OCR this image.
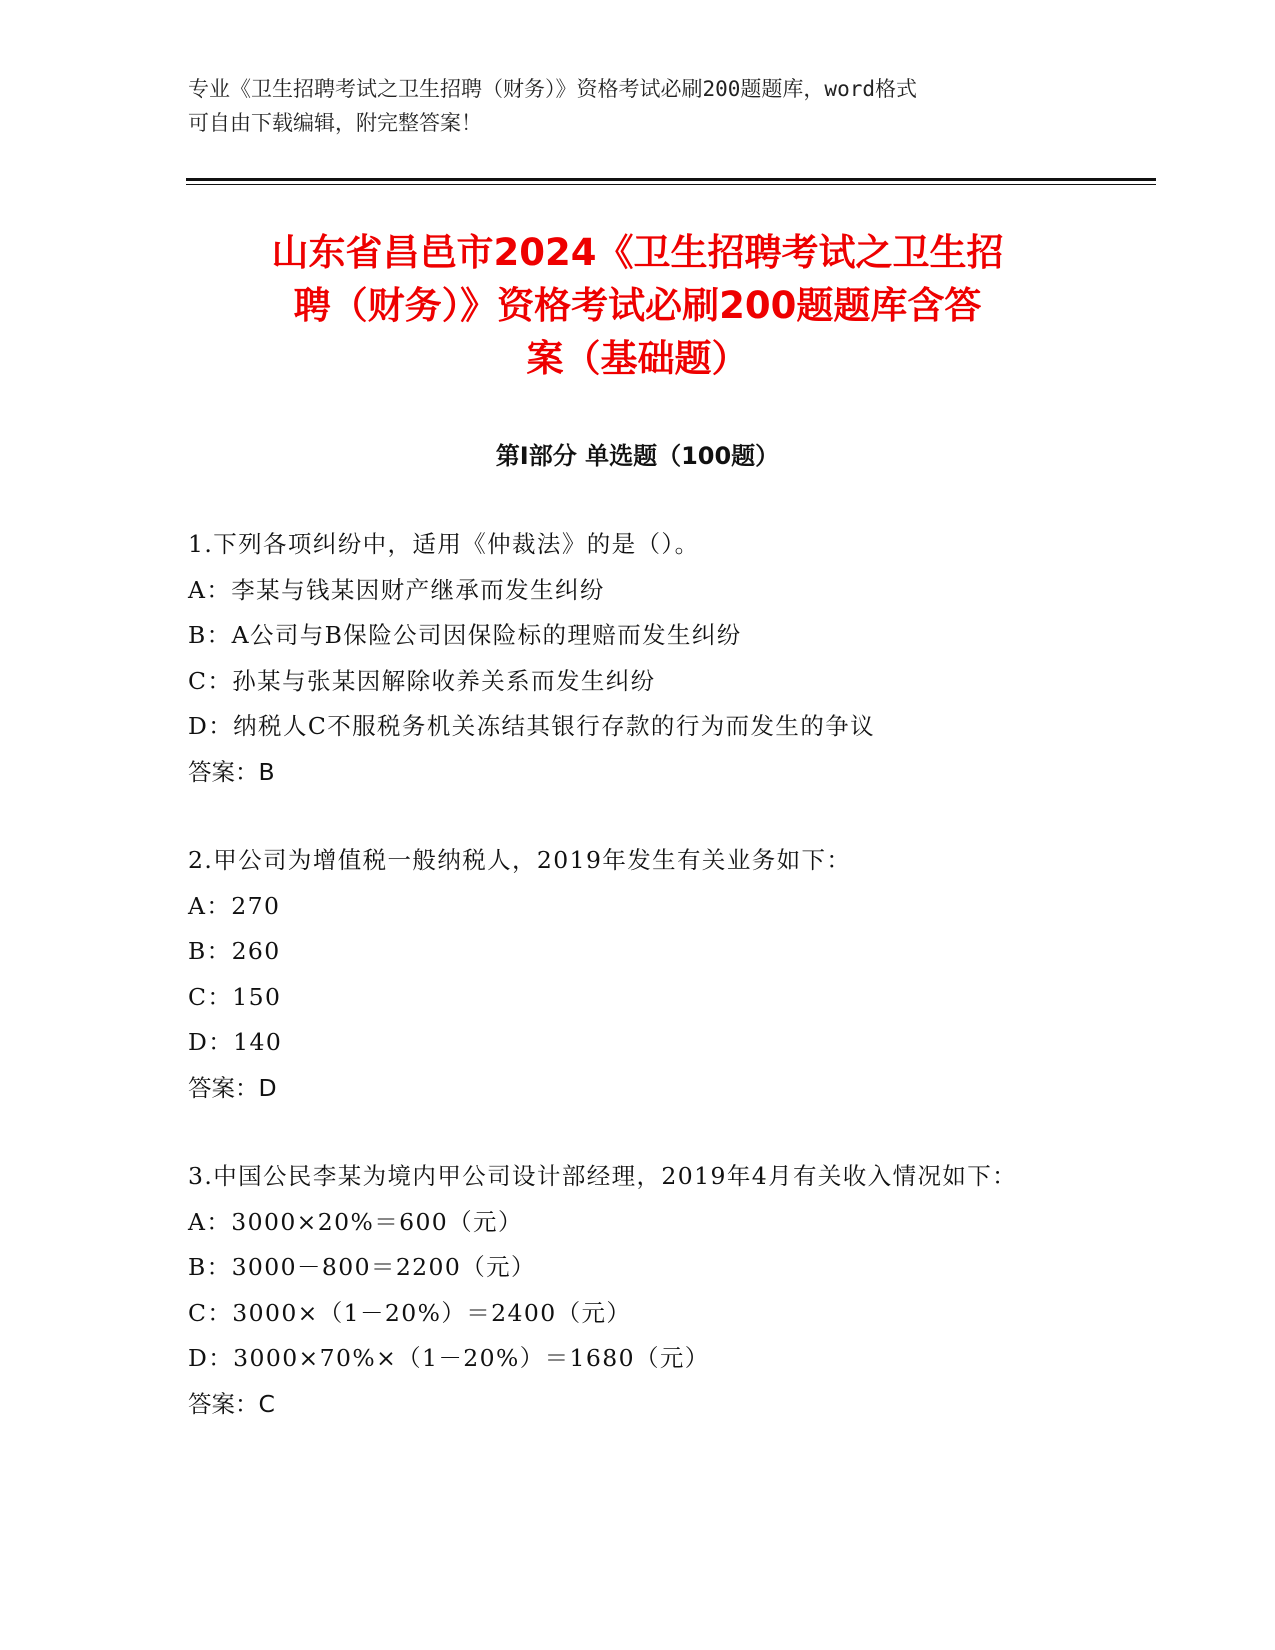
专业《卫生招聘考试之卫生招聘（财务）》资格考试必刷200题题库，word格式
可自由下载编辑，附完整答案！
山东省昌邑市2024《卫生招聘考试之卫生招
聘（财务）》资格考试必刷200题题库含答
案（基础题）
第Ⅰ部分 单选题（100题）
1.下列各项纠纷中，适用《仲裁法》的是（）。
A：李某与钱某因财产继承而发生纠纷
B：A公司与B保险公司因保险标的理赔而发生纠纷
C：孙某与张某因解除收养关系而发生纠纷
D：纳税人C不服税务机关冻结其银行存款的行为而发生的争议
答案：B
2.甲公司为增值税一般纳税人，2019年发生有关业务如下：
A：270
B：260
C：150
D：140
答案：D
3.中国公民李某为境内甲公司设计部经理，2019年4月有关收入情况如下：
A：3000×20%＝600（元）
B：3000－800＝2200（元）
C：3000×（1－20%）＝2400（元）
D：3000×70%×（1－20%）＝1680（元）
答案：C
